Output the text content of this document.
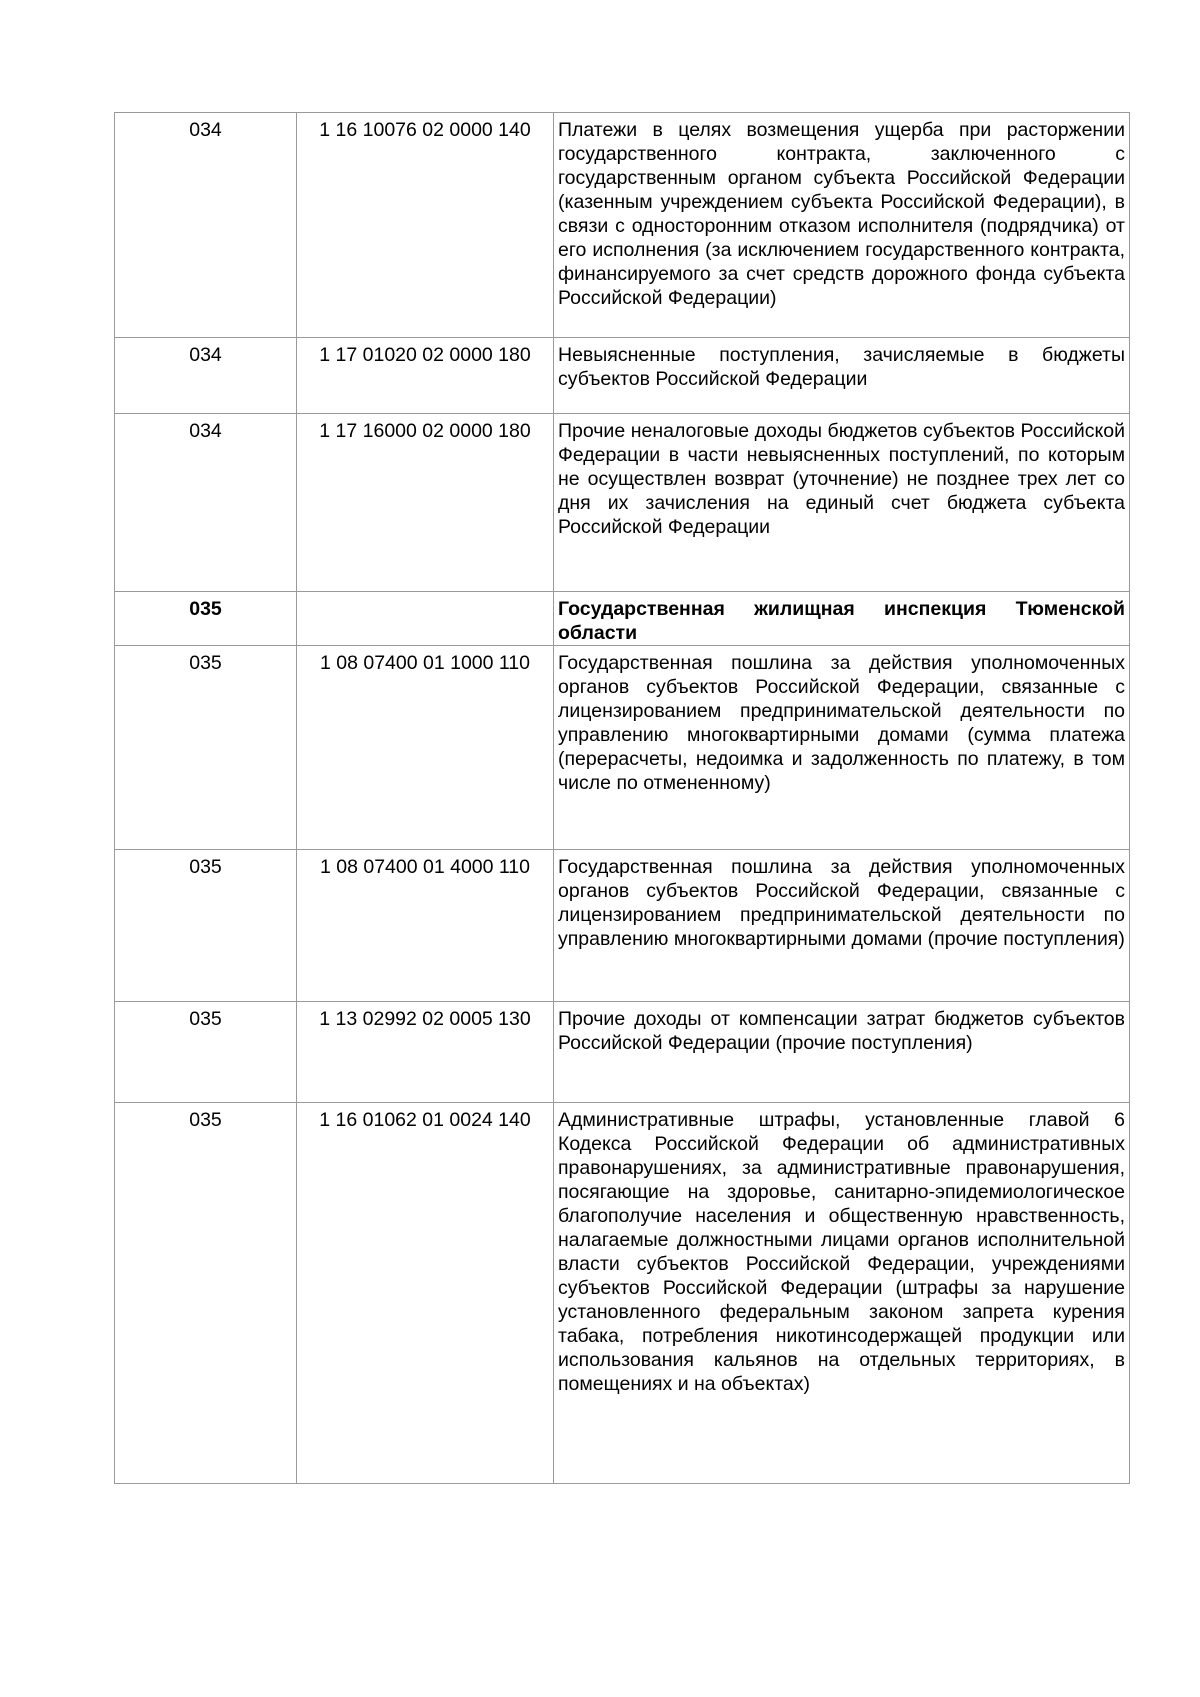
034	1 16 10076 02 0000 140	Платежи в целях возмещения ущерба при расторжении государственного контракта, заключенного с государственным органом субъекта Российской Федерации (казенным учреждением субъекта Российской Федерации), в связи с односторонним отказом исполнителя (подрядчика) от его исполнения (за исключением государственного контракта, финансируемого за счет средств дорожного фонда субъекта Российской Федерации)
034	1 17 01020 02 0000 180	Невыясненные поступления, зачисляемые в бюджеты субъектов Российской Федерации
034	1 17 16000 02 0000 180	Прочие неналоговые доходы бюджетов субъектов Российской Федерации в части невыясненных поступлений, по которым не осуществлен возврат (уточнение) не позднее трех лет со дня их зачисления на единый счет бюджета субъекта Российской Федерации
035		Государственная жилищная инспекция Тюменской области
035	1 08 07400 01 1000 110	Государственная пошлина за действия уполномоченных органов субъектов Российской Федерации, связанные с лицензированием предпринимательской деятельности по управлению многоквартирными домами (сумма платежа (перерасчеты, недоимка и задолженность по платежу, в том числе по отмененному)
035	1 08 07400 01 4000 110	Государственная пошлина за действия уполномоченных органов субъектов Российской Федерации, связанные с лицензированием предпринимательской деятельности по управлению многоквартирными домами (прочие поступления)
035	1 13 02992 02 0005 130	Прочие доходы от компенсации затрат бюджетов субъектов Российской Федерации (прочие поступления)
035	1 16 01062 01 0024 140	Административные штрафы, установленные главой 6 Кодекса Российской Федерации об административных правонарушениях, за административные правонарушения, посягающие на здоровье, санитарно-эпидемиологическое благополучие населения и общественную нравственность, налагаемые должностными лицами органов исполнительной власти субъектов Российской Федерации, учреждениями субъектов Российской Федерации (штрафы за нарушение установленного федеральным законом запрета курения табака, потребления никотинсодержащей продукции или использования кальянов на отдельных территориях, в помещениях и на объектах)
